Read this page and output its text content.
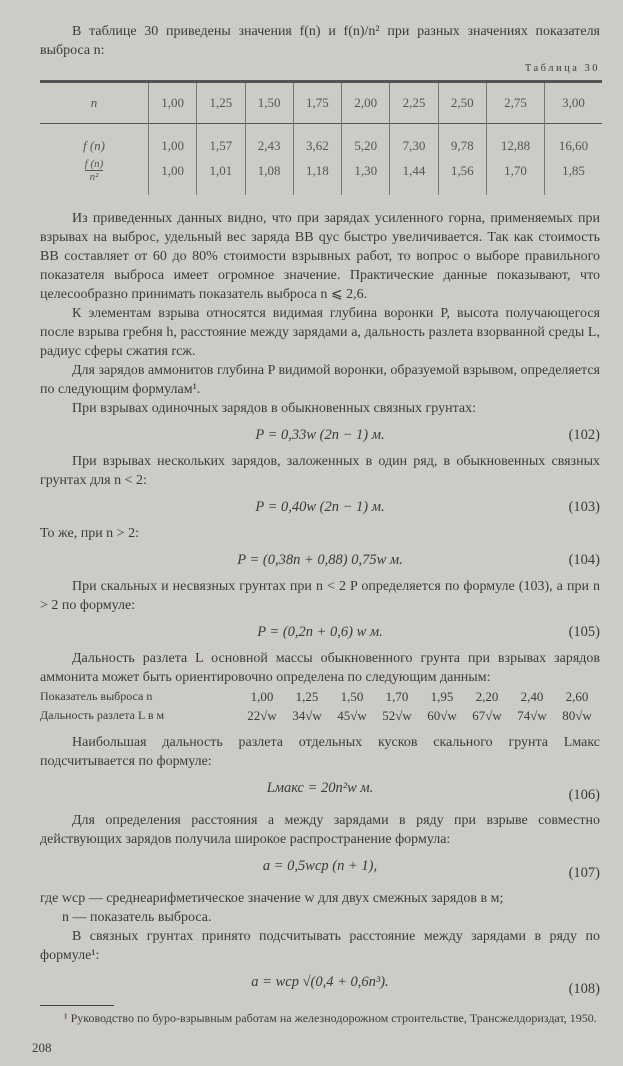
В таблице 30 приведены значения f(n) и f(n)/n² при разных значениях показателя выброса n:

Таблица 30
n	1,00	1,25	1,50	1,75	2,00	2,25	2,50	2,75	3,00
f (n)	1,00	1,57	2,43	3,62	5,20	7,30	9,78	12,88	16,60

$\frac{f (n)}{\text{n²}}$	1,00	1,01	1,08	1,18	1,30	1,44	1,56	1,70	1,85

Из приведенных данных видно, что при зарядах усиленного горна, применяемых при взрывах на выброс, удельный вес заряда ВВ qус быстро увеличивается. Так как стоимость ВВ составляет от 60 до 80% стоимости взрывных работ, то вопрос о выборе правильного показателя выброса имеет огромное значение. Практические данные показывают, что целесообразно принимать показатель выброса n ⩽ 2,6.

К элементам взрыва относятся видимая глубина воронки P, высота получающегося после взрыва гребня h, расстояние между зарядами a, дальность разлета взорванной среды L, радиус сферы сжатия rсж.

Для зарядов аммонитов глубина P видимой воронки, образуемой взрывом, определяется по следующим формулам¹.

При взрывах одиночных зарядов в обыкновенных связных грунтах:

P = 0,33w (2n − 1) м.	(102)

При взрывах нескольких зарядов, заложенных в один ряд, в обыкновенных связных грунтах для n < 2:

P = 0,40w (2n − 1) м.	(103)

То же, при n > 2:

P = (0,38n + 0,88) 0,75w м.	(104)

При скальных и несвязных грунтах при n < 2 P определяется по формуле (103), а при n > 2 по формуле:

P = (0,2n + 0,6) w м.	(105)

Дальность разлета L основной массы обыкновенного грунта при взрывах зарядов аммонита может быть ориентировочно определена по следующим данным:

Показатель выброса n	1,00	1,25	1,50	1,70	1,95	2,20	2,40	2,60
Дальность разлета L в м	22√w	34√w	45√w	52√w	60√w	67√w	74√w	80√w

Наибольшая дальность разлета отдельных кусков скального грунта Lмакс подсчитывается по формуле:

Lмакс = 20n²w м.	(106)

Для определения расстояния a между зарядами в ряду при взрыве совместно действующих зарядов получила широкое распространение формула:

a = 0,5wср (n + 1),	(107)

где wср — среднеарифметическое значение w для двух смежных зарядов в м;

n — показатель выброса.

В связных грунтах принято подсчитывать расстояние между зарядами в ряду по формуле¹:

a = wср √(0,4 + 0,6n³).	(108)
¹ Руководство по буро-взрывным работам на железнодорожном строительстве, Трансжелдориздат, 1950.
208
